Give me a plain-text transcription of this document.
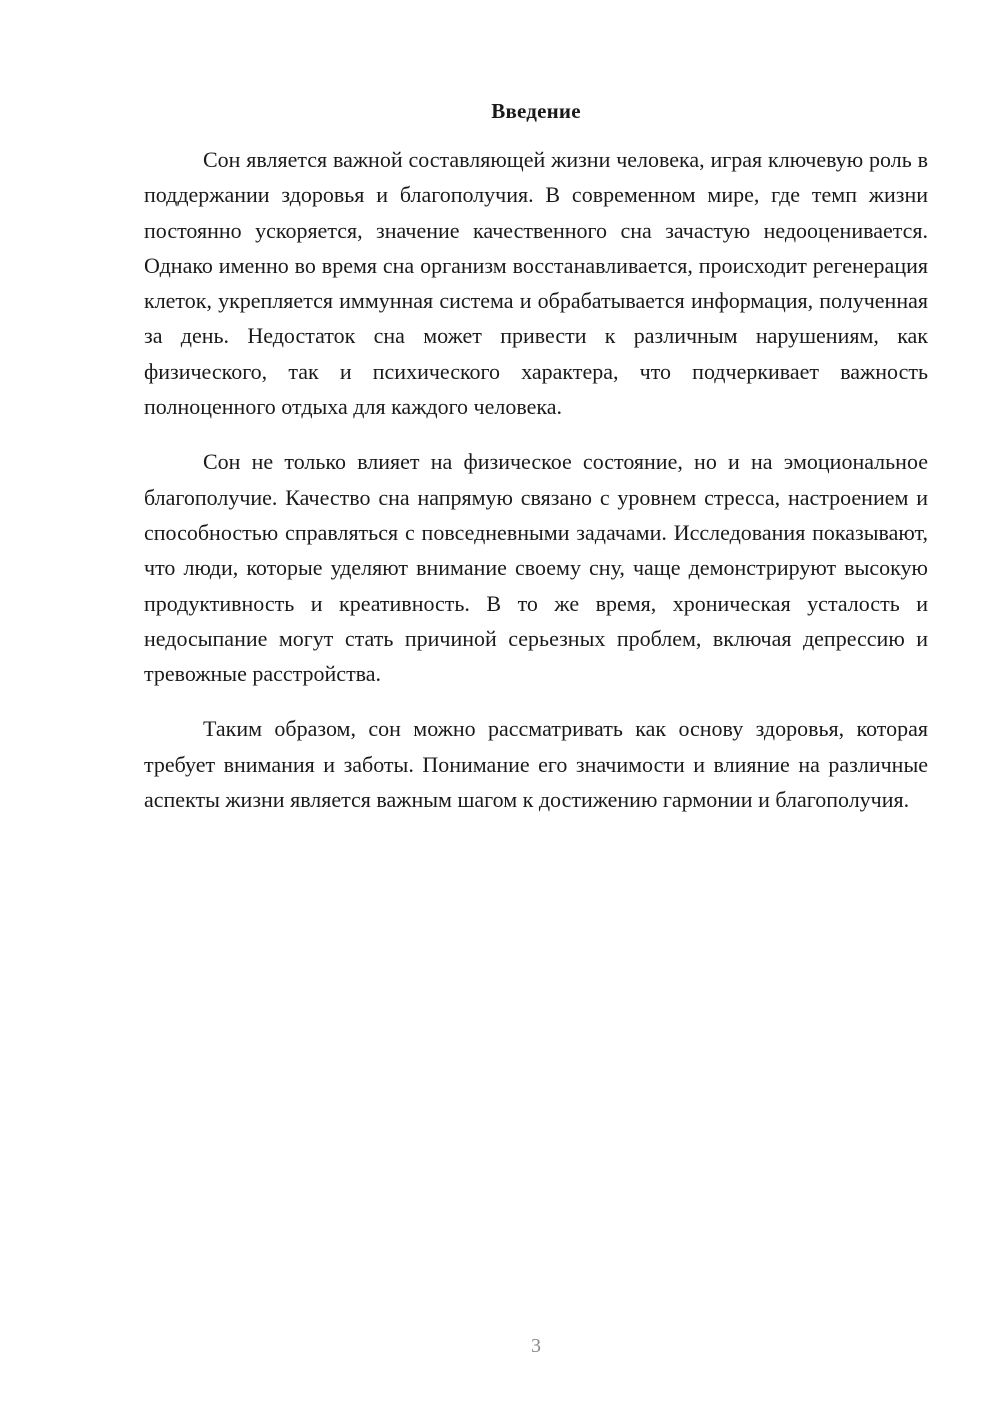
Введение

Сон является важной составляющей жизни человека, играя ключевую роль в поддержании здоровья и благополучия. В современном мире, где темп жизни постоянно ускоряется, значение качественного сна зачастую недооценивается. Однако именно во время сна организм восстанавливается, происходит регенерация клеток, укрепляется иммунная система и обрабатывается информация, полученная за день. Недостаток сна может привести к различным нарушениям, как физического, так и психического характера, что подчеркивает важность полноценного отдыха для каждого человека.

Сон не только влияет на физическое состояние, но и на эмоциональное благополучие. Качество сна напрямую связано с уровнем стресса, настроением и способностью справляться с повседневными задачами. Исследования показывают, что люди, которые уделяют внимание своему сну, чаще демонстрируют высокую продуктивность и креативность. В то же время, хроническая усталость и недосыпание могут стать причиной серьезных проблем, включая депрессию и тревожные расстройства.

Таким образом, сон можно рассматривать как основу здоровья, которая требует внимания и заботы. Понимание его значимости и влияние на различные аспекты жизни является важным шагом к достижению гармонии и благополучия.

3
